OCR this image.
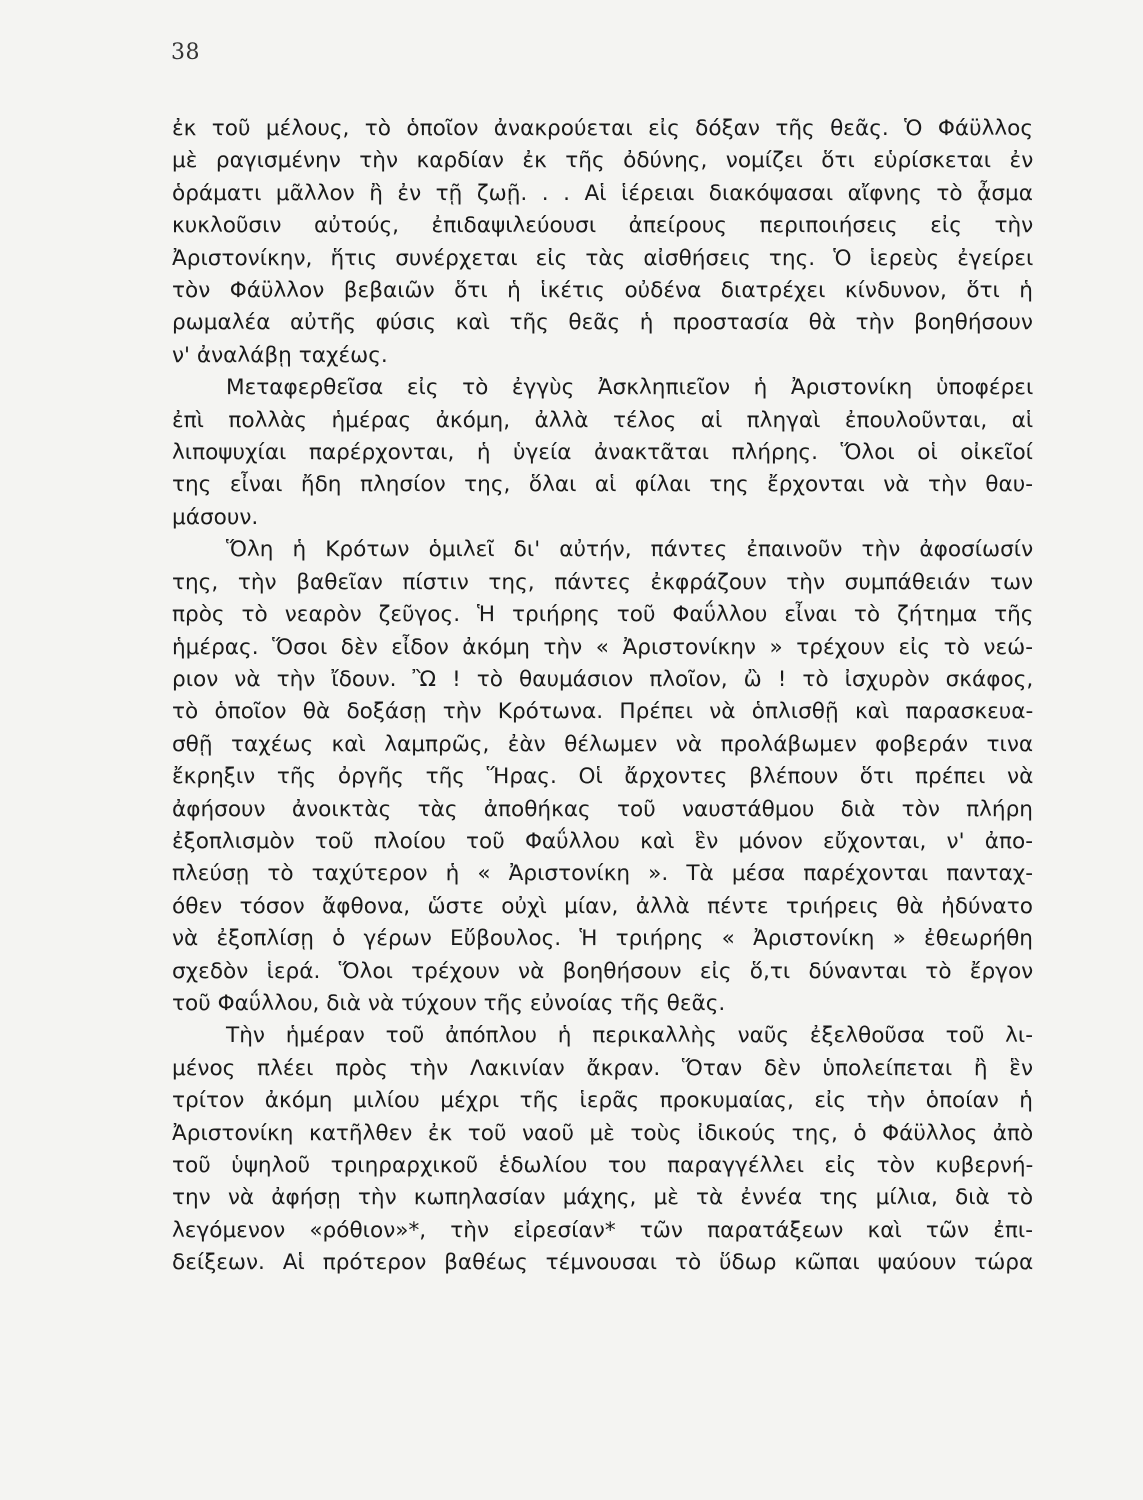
38

ἐκ τοῦ μέλους, τὸ ὁποῖον ἀνακρούεται εἰς δόξαν τῆς θεᾶς. Ὁ Φάϋλλος
μὲ ραγισμένην τὴν καρδίαν ἐκ τῆς ὀδύνης, νομίζει ὅτι εὑρίσκεται ἐν
ὁράματι μᾶλλον ἢ ἐν τῇ ζωῇ. . . Αἱ ἱέρειαι διακόψασαι αἴφνης τὸ ᾆσμα
κυκλοῦσιν αὐτούς, ἐπιδαψιλεύουσι ἀπείρους περιποιήσεις εἰς τὴν
Ἀριστονίκην, ἥτις συνέρχεται εἰς τὰς αἰσθήσεις της. Ὁ ἱερεὺς ἐγείρει
τὸν Φάϋλλον βεβαιῶν ὅτι ἡ ἱκέτις οὐδένα διατρέχει κίνδυνον, ὅτι ἡ
ρωμαλέα αὐτῆς φύσις καὶ τῆς θεᾶς ἡ προστασία θὰ τὴν βοηθήσουν
ν' ἀναλάβῃ ταχέως.

Μεταφερθεῖσα εἰς τὸ ἐγγὺς Ἀσκληπιεῖον ἡ Ἀριστονίκη ὑποφέρει
ἐπὶ πολλὰς ἡμέρας ἀκόμη, ἀλλὰ τέλος αἱ πληγαὶ ἐπουλοῦνται, αἱ
λιποψυχίαι παρέρχονται, ἡ ὑγεία ἀνακτᾶται πλήρης. Ὅλοι οἱ οἰκεῖοί
της εἶναι ἤδη πλησίον της, ὅλαι αἱ φίλαι της ἔρχονται νὰ τὴν θαυ-
μάσουν.

Ὅλη ἡ Κρότων ὁμιλεῖ δι' αὐτήν, πάντες ἐπαινοῦν τὴν ἀφοσίωσίν
της, τὴν βαθεῖαν πίστιν της, πάντες ἐκφράζουν τὴν συμπάθειάν των
πρὸς τὸ νεαρὸν ζεῦγος. Ἡ τριήρης τοῦ Φαΰλλου εἶναι τὸ ζήτημα τῆς
ἡμέρας. Ὅσοι δὲν εἶδον ἀκόμη τὴν « Ἀριστονίκην » τρέχουν εἰς τὸ νεώ-
ριον νὰ τὴν ἴδουν. Ὢ ! τὸ θαυμάσιον πλοῖον, ὢ ! τὸ ἰσχυρὸν σκάφος,
τὸ ὁποῖον θὰ δοξάσῃ τὴν Κρότωνα. Πρέπει νὰ ὁπλισθῇ καὶ παρασκευα-
σθῇ ταχέως καὶ λαμπρῶς, ἐὰν θέλωμεν νὰ προλάβωμεν φοβεράν τινα
ἔκρηξιν τῆς ὀργῆς τῆς Ἥρας. Οἱ ἄρχοντες βλέπουν ὅτι πρέπει νὰ
ἀφήσουν ἀνοικτὰς τὰς ἀποθήκας τοῦ ναυστάθμου διὰ τὸν πλήρη
ἐξοπλισμὸν τοῦ πλοίου τοῦ Φαΰλλου καὶ ἓν μόνον εὔχονται, ν' ἀπο-
πλεύσῃ τὸ ταχύτερον ἡ « Ἀριστονίκη ». Τὰ μέσα παρέχονται πανταχ-
όθεν τόσον ἄφθονα, ὥστε οὐχὶ μίαν, ἀλλὰ πέντε τριήρεις θὰ ἠδύνατο
νὰ ἐξοπλίσῃ ὁ γέρων Εὔβουλος. Ἡ τριήρης « Ἀριστονίκη » ἐθεωρήθη
σχεδὸν ἱερά. Ὅλοι τρέχουν νὰ βοηθήσουν εἰς ὅ,τι δύνανται τὸ ἔργον
τοῦ Φαΰλλου, διὰ νὰ τύχουν τῆς εὐνοίας τῆς θεᾶς.

Τὴν ἡμέραν τοῦ ἀπόπλου ἡ περικαλλὴς ναῦς ἐξελθοῦσα τοῦ λι-
μένος πλέει πρὸς τὴν Λακινίαν ἄκραν. Ὅταν δὲν ὑπολείπεται ἢ ἓν
τρίτον ἀκόμη μιλίου μέχρι τῆς ἱερᾶς προκυμαίας, εἰς τὴν ὁποίαν ἡ
Ἀριστονίκη κατῆλθεν ἐκ τοῦ ναοῦ μὲ τοὺς ἰδικούς της, ὁ Φάϋλλος ἀπὸ
τοῦ ὑψηλοῦ τριηραρχικοῦ ἑδωλίου του παραγγέλλει εἰς τὸν κυβερνή-
την νὰ ἀφήσῃ τὴν κωπηλασίαν μάχης, μὲ τὰ ἐννέα της μίλια, διὰ τὸ
λεγόμενον «ρόθιον»*, τὴν εἰρεσίαν* τῶν παρατάξεων καὶ τῶν ἐπι-
δείξεων. Αἱ πρότερον βαθέως τέμνουσαι τὸ ὕδωρ κῶπαι ψαύουν τώρα
